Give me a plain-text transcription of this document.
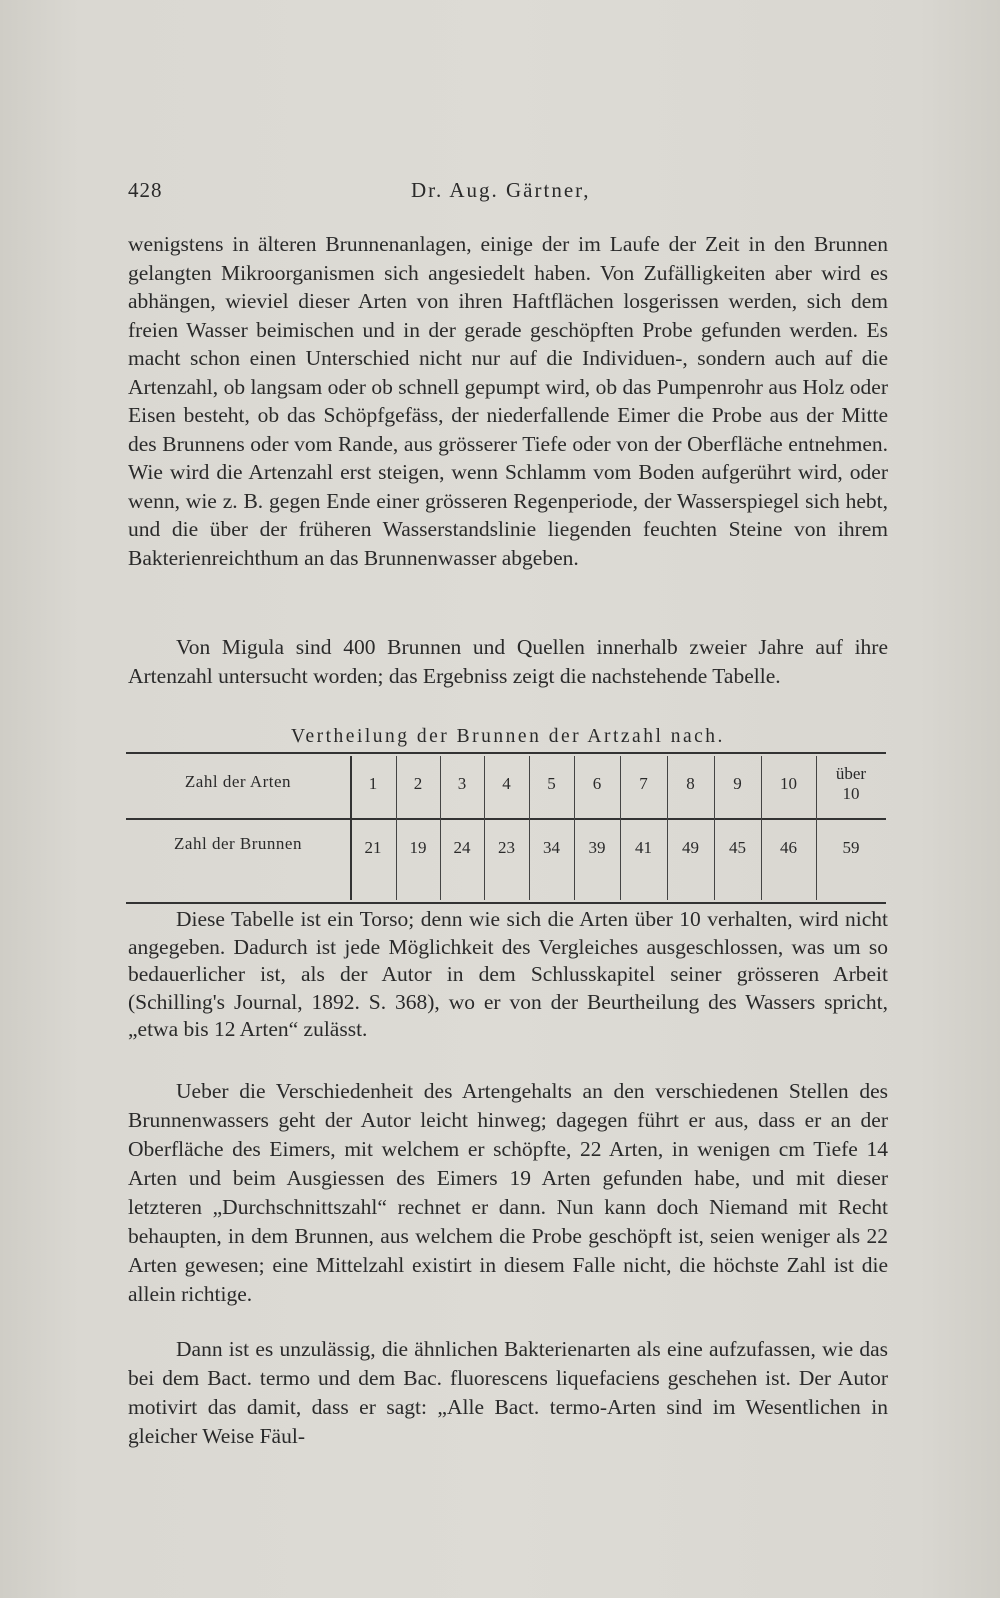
428	Dr. Aug. Gärtner,
wenigstens in älteren Brunnenanlagen, einige der im Laufe der Zeit in den Brunnen gelangten Mikroorganismen sich angesiedelt haben. Von Zufälligkeiten aber wird es abhängen, wieviel dieser Arten von ihren Haftflächen losgerissen werden, sich dem freien Wasser beimischen und in der gerade geschöpften Probe gefunden werden. Es macht schon einen Unterschied nicht nur auf die Individuen-, sondern auch auf die Artenzahl, ob langsam oder ob schnell gepumpt wird, ob das Pumpenrohr aus Holz oder Eisen besteht, ob das Schöpfgefäss, der niederfallende Eimer die Probe aus der Mitte des Brunnens oder vom Rande, aus grösserer Tiefe oder von der Oberfläche entnehmen. Wie wird die Artenzahl erst steigen, wenn Schlamm vom Boden aufgerührt wird, oder wenn, wie z. B. gegen Ende einer grösseren Regenperiode, der Wasserspiegel sich hebt, und die über der früheren Wasserstandslinie liegenden feuchten Steine von ihrem Bakterienreichthum an das Brunnenwasser abgeben.
Von Migula sind 400 Brunnen und Quellen innerhalb zweier Jahre auf ihre Artenzahl untersucht worden; das Ergebniss zeigt die nachstehende Tabelle.
Vertheilung der Brunnen der Artzahl nach.
Zahl der Arten
Zahl der Brunnen
1
21
2
19
3
24
4
23
5
34
6
39
7
41
8
49
9
45
10
46
über
10
59
Diese Tabelle ist ein Torso; denn wie sich die Arten über 10 verhalten, wird nicht angegeben. Dadurch ist jede Möglichkeit des Vergleiches ausgeschlossen, was um so bedauerlicher ist, als der Autor in dem Schlusskapitel seiner grösseren Arbeit (Schilling's Journal, 1892. S. 368), wo er von der Beurtheilung des Wassers spricht, „etwa bis 12 Arten“ zulässt.
Ueber die Verschiedenheit des Artengehalts an den verschiedenen Stellen des Brunnenwassers geht der Autor leicht hinweg; dagegen führt er aus, dass er an der Oberfläche des Eimers, mit welchem er schöpfte, 22 Arten, in wenigen cm Tiefe 14 Arten und beim Ausgiessen des Eimers 19 Arten gefunden habe, und mit dieser letzteren „Durchschnittszahl“ rechnet er dann. Nun kann doch Niemand mit Recht behaupten, in dem Brunnen, aus welchem die Probe geschöpft ist, seien weniger als 22 Arten gewesen; eine Mittelzahl existirt in diesem Falle nicht, die höchste Zahl ist die allein richtige.
Dann ist es unzulässig, die ähnlichen Bakterienarten als eine aufzufassen, wie das bei dem Bact. termo und dem Bac. fluorescens liquefaciens geschehen ist. Der Autor motivirt das damit, dass er sagt: „Alle Bact. termo-Arten sind im Wesentlichen in gleicher Weise Fäul-
